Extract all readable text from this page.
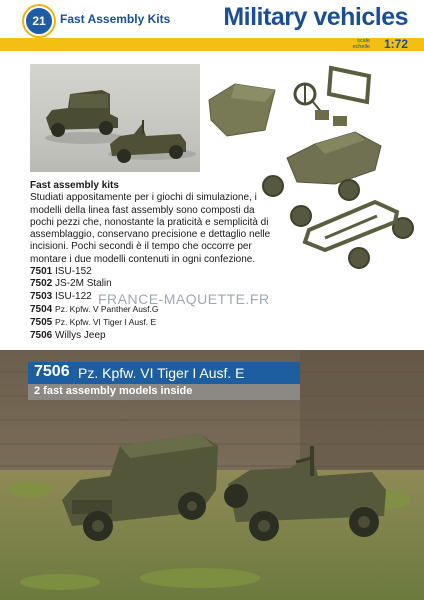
21	Fast Assembly Kits Military vehicles
scale
echelle 1:72
Fast assembly kits
Studiati appositamente per i giochi di simulazione, i modelli della linea fast assembly sono composti da pochi pezzi che, nonostante la praticità e semplicità di assemblaggio, conservano precisione e dettaglio nelle incisioni. Pochi secondi è il tempo che occorre per montare i due modelli contenuti in ogni confezione.
7501 ISU-152
7502 JS-2M Stalin
7503 ISU-122
7504 Pz. Kpfw. V Panther Ausf.G
7505 Pz. Kpfw. VI Tiger I Ausf. E
7506 Willys Jeep
FRANCE-MAQUETTE.FR
7506 Pz. Kpfw. VI Tiger I Ausf. E
2 fast assembly models inside
